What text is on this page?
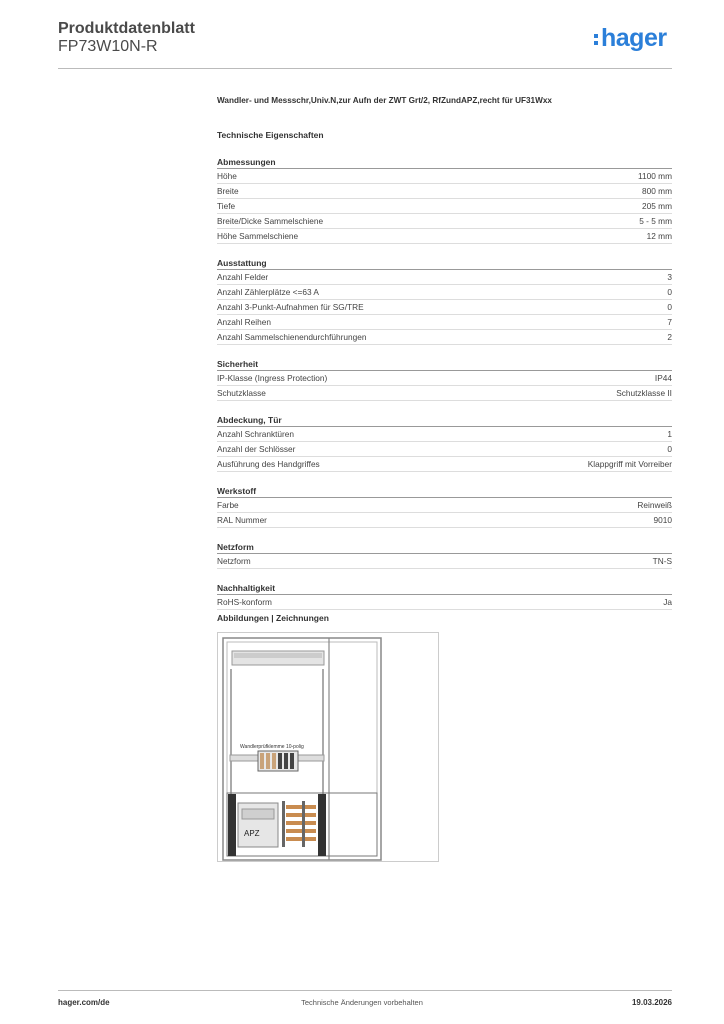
Produktdatenblatt
FP73W10N-R	hager
Wandler- und Messschr,Univ.N,zur Aufn der ZWT Grt/2, RfZundAPZ,recht für UF31Wxx
Technische Eigenschaften
Abmessungen
Höhe	1100 mm
Breite	800 mm
Tiefe	205 mm
Breite/Dicke Sammelschiene	5 - 5 mm
Höhe Sammelschiene	12 mm
Ausstattung
Anzahl Felder	3
Anzahl Zählerplätze <=63 A	0
Anzahl 3-Punkt-Aufnahmen für SG/TRE	0
Anzahl Reihen	7
Anzahl Sammelschienendurchführungen	2
Sicherheit
IP-Klasse (Ingress Protection)	IP44
Schutzklasse	Schutzklasse II
Abdeckung, Tür
Anzahl Schranktüren	1
Anzahl der Schlösser	0
Ausführung des Handgriffes	Klappgriff mit Vorreiber
Werkstoff
Farbe	Reinweiß
RAL Nummer	9010
Netzform
Netzform	TN-S
Nachhaltigkeit
RoHS-konform	Ja
Abbildungen | Zeichnungen
Wandlerprüfklemme 10-polig
APZ
hager.com/de	Technische Änderungen vorbehalten	19.03.2026
